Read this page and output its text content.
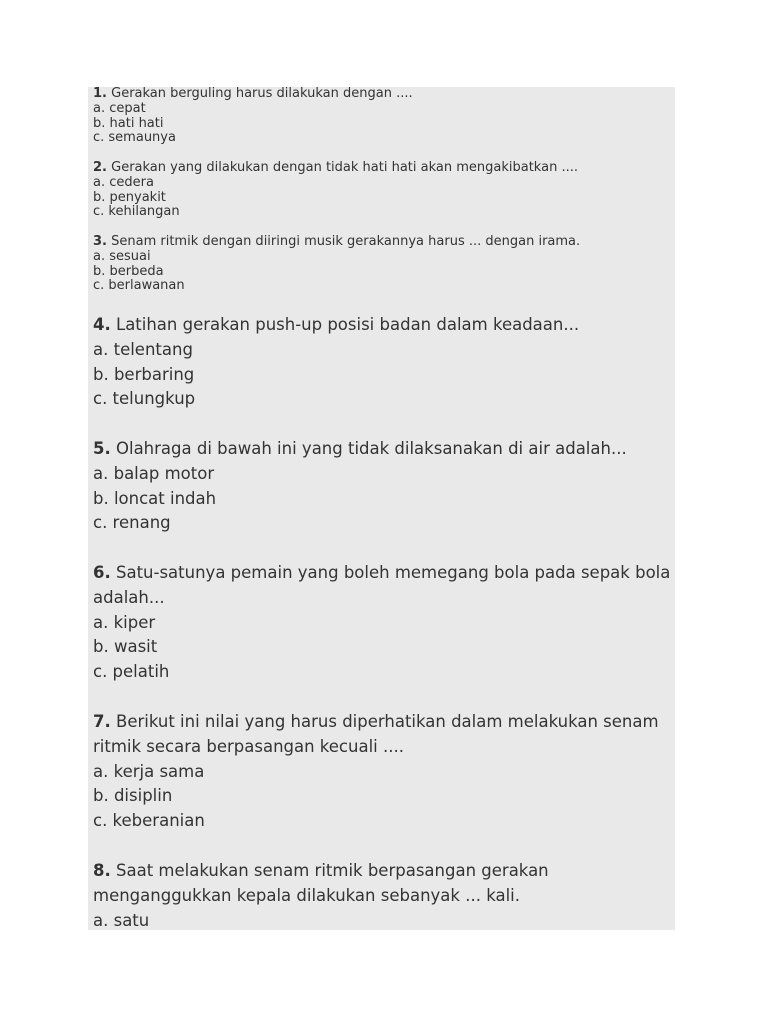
1. Gerakan berguling harus dilakukan dengan ....
a. cepat
b. hati hati
c. semaunya
2. Gerakan yang dilakukan dengan tidak hati hati akan mengakibatkan ....
a. cedera
b. penyakit
c. kehilangan
3. Senam ritmik dengan diiringi musik gerakannya harus ... dengan irama.
a. sesuai
b. berbeda
c. berlawanan
4. Latihan gerakan push-up posisi badan dalam keadaan...
a. telentang
b. berbaring
c. telungkup
5. Olahraga di bawah ini yang tidak dilaksanakan di air adalah...
a. balap motor
b. loncat indah
c. renang
6. Satu-satunya pemain yang boleh memegang bola pada sepak bola adalah...
a. kiper
b. wasit
c. pelatih
7. Berikut ini nilai yang harus diperhatikan dalam melakukan senam ritmik secara berpasangan kecuali ....
a. kerja sama
b. disiplin
c. keberanian
8. Saat melakukan senam ritmik berpasangan gerakan menganggukkan kepala dilakukan sebanyak ... kali.
a. satu
